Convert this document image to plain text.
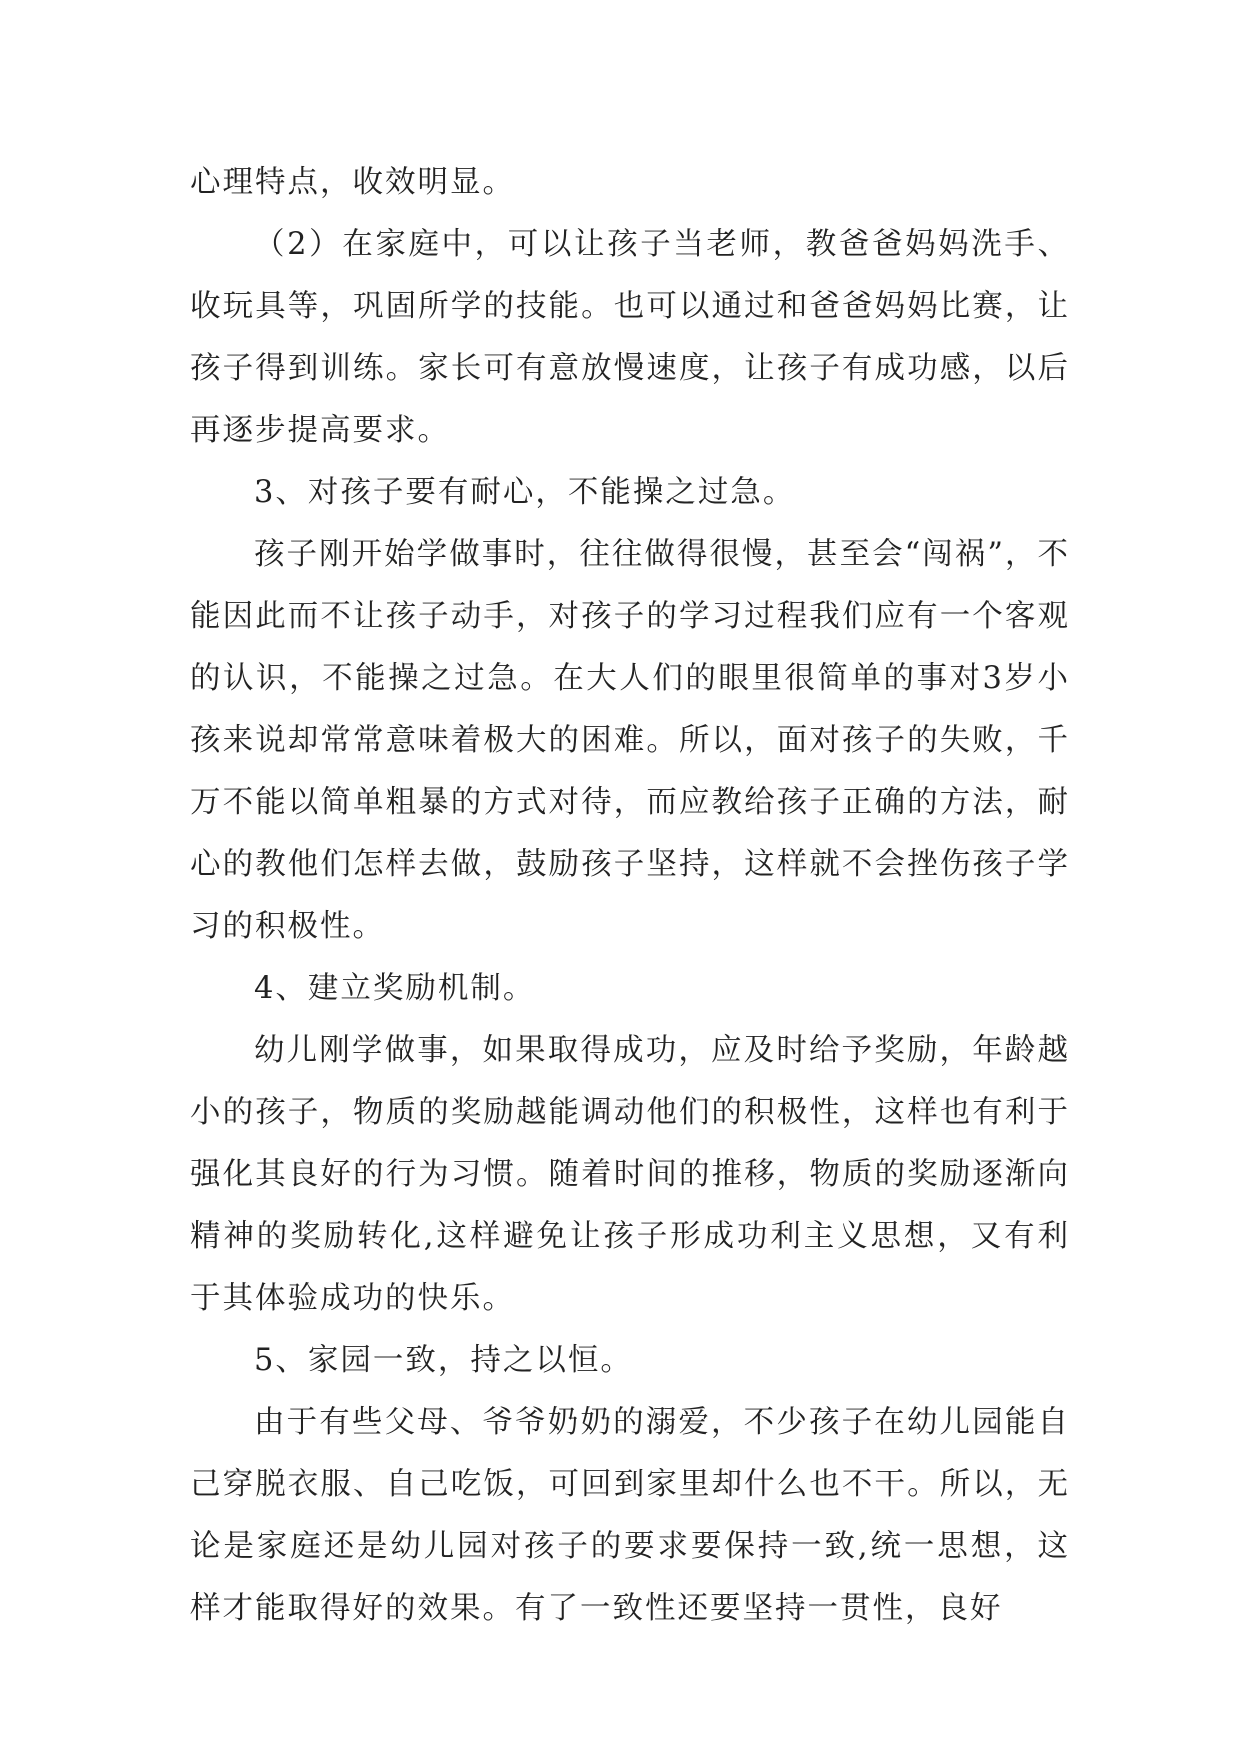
心理特点，收效明显。

（2）在家庭中，可以让孩子当老师，教爸爸妈妈洗手、收玩具等，巩固所学的技能。也可以通过和爸爸妈妈比赛，让孩子得到训练。家长可有意放慢速度，让孩子有成功感，以后再逐步提高要求。

3、对孩子要有耐心，不能操之过急。

孩子刚开始学做事时，往往做得很慢，甚至会“闯祸”，不能因此而不让孩子动手，对孩子的学习过程我们应有一个客观的认识，不能操之过急。在大人们的眼里很简单的事对3岁小孩来说却常常意味着极大的困难。所以，面对孩子的失败，千万不能以简单粗暴的方式对待，而应教给孩子正确的方法，耐心的教他们怎样去做，鼓励孩子坚持，这样就不会挫伤孩子学习的积极性。

4、建立奖励机制。

幼儿刚学做事，如果取得成功，应及时给予奖励，年龄越小的孩子，物质的奖励越能调动他们的积极性，这样也有利于强化其良好的行为习惯。随着时间的推移，物质的奖励逐渐向精神的奖励转化,这样避免让孩子形成功利主义思想，又有利于其体验成功的快乐。

5、家园一致，持之以恒。

由于有些父母、爷爷奶奶的溺爱，不少孩子在幼儿园能自己穿脱衣服、自己吃饭，可回到家里却什么也不干。所以，无论是家庭还是幼儿园对孩子的要求要保持一致,统一思想，这样才能取得好的效果。有了一致性还要坚持一贯性，良好
